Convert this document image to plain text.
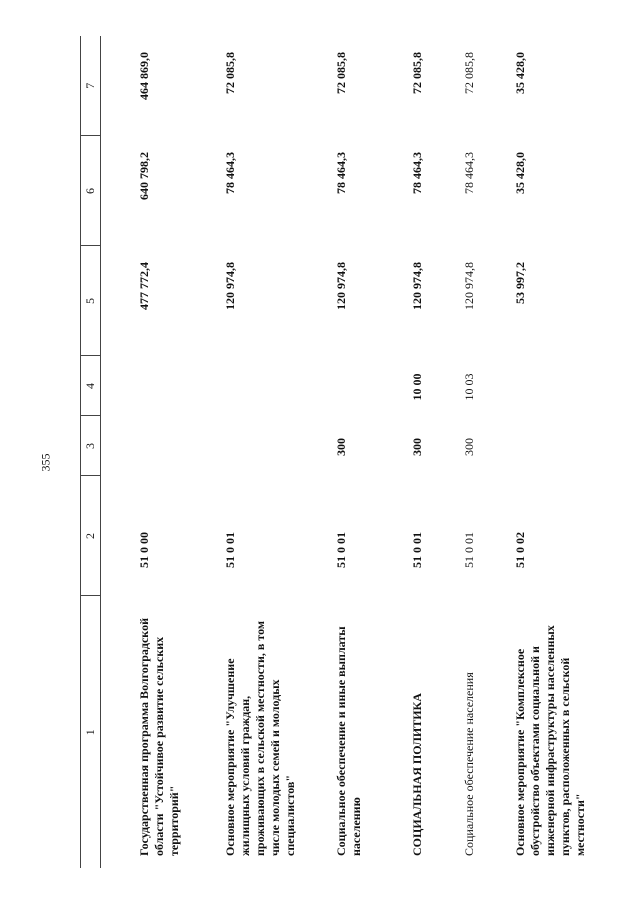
355
1	2	3	4	5	6	7
Государственная программа Волгоградской области "Устойчивое развитие сельских территорий"	51 0 00			477 772,4	640 798,2	464 869,0
Основное мероприятие "Улучшение жилищных условий граждан, проживающих в сельской местности, в том числе молодых семей и молодых специалистов"	51 0 01			120 974,8	78 464,3	72 085,8
Социальное обеспечение и иные выплаты населению	51 0 01	300		120 974,8	78 464,3	72 085,8
СОЦИАЛЬНАЯ ПОЛИТИКА	51 0 01	300	10 00	120 974,8	78 464,3	72 085,8
Социальное обеспечение населения	51 0 01	300	10 03	120 974,8	78 464,3	72 085,8
Основное мероприятие "Комплексное обустройство объектами социальной и инженерной инфраструктуры населенных пунктов, расположенных в сельской местности"	51 0 02			53 997,2	35 428,0	35 428,0
